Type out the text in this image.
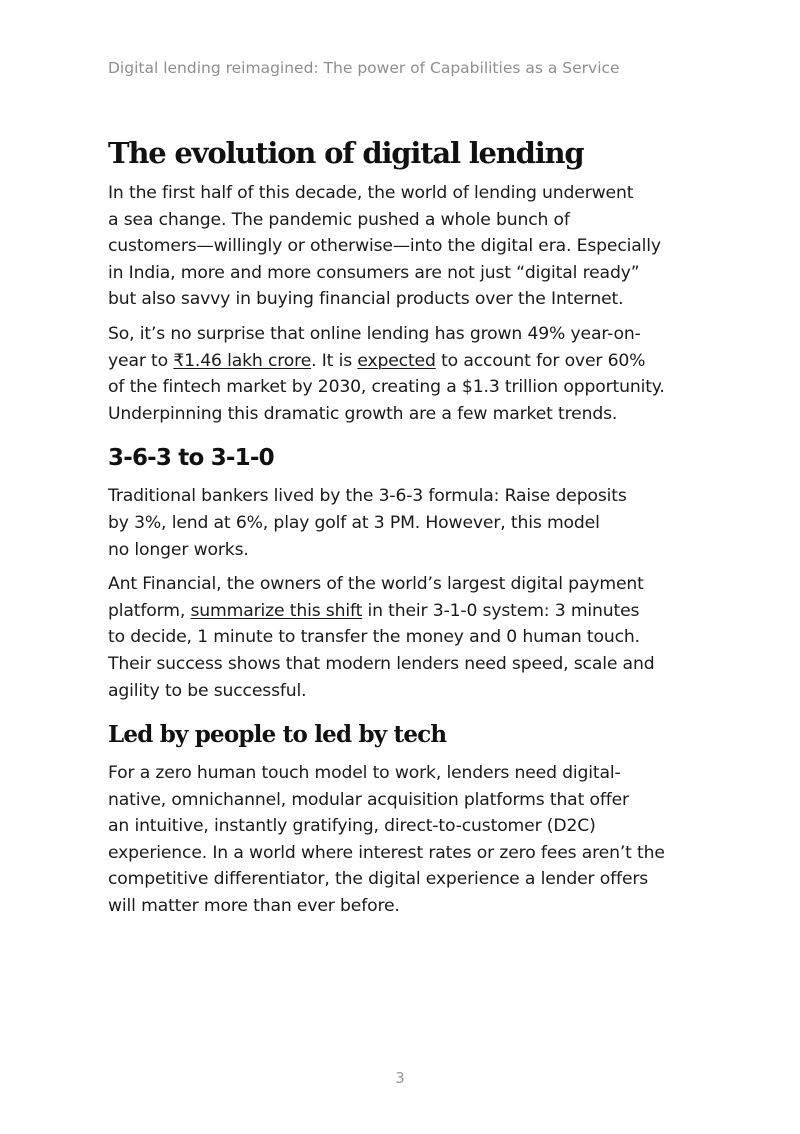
Digital lending reimagined: The power of Capabilities as a Service
The evolution of digital lending

In the first half of this decade, the world of lending underwent
a sea change. The pandemic pushed a whole bunch of
customers—willingly or otherwise—into the digital era. Especially
in India, more and more consumers are not just “digital ready”
but also savvy in buying financial products over the Internet.

So, it’s no surprise that online lending has grown 49% year-on-
year to ₹1.46 lakh crore. It is expected to account for over 60%
of the fintech market by 2030, creating a $1.3 trillion opportunity.
Underpinning this dramatic growth are a few market trends.

3-6-3 to 3-1-0

Traditional bankers lived by the 3-6-3 formula: Raise deposits
by 3%, lend at 6%, play golf at 3 PM. However, this model
no longer works.

Ant Financial, the owners of the world’s largest digital payment
platform, summarize this shift in their 3-1-0 system: 3 minutes
to decide, 1 minute to transfer the money and 0 human touch.
Their success shows that modern lenders need speed, scale and
agility to be successful.

Led by people to led by tech

For a zero human touch model to work, lenders need digital-
native, omnichannel, modular acquisition platforms that offer
an intuitive, instantly gratifying, direct-to-customer (D2C)
experience. In a world where interest rates or zero fees aren’t the
competitive differentiator, the digital experience a lender offers
will matter more than ever before.

3
